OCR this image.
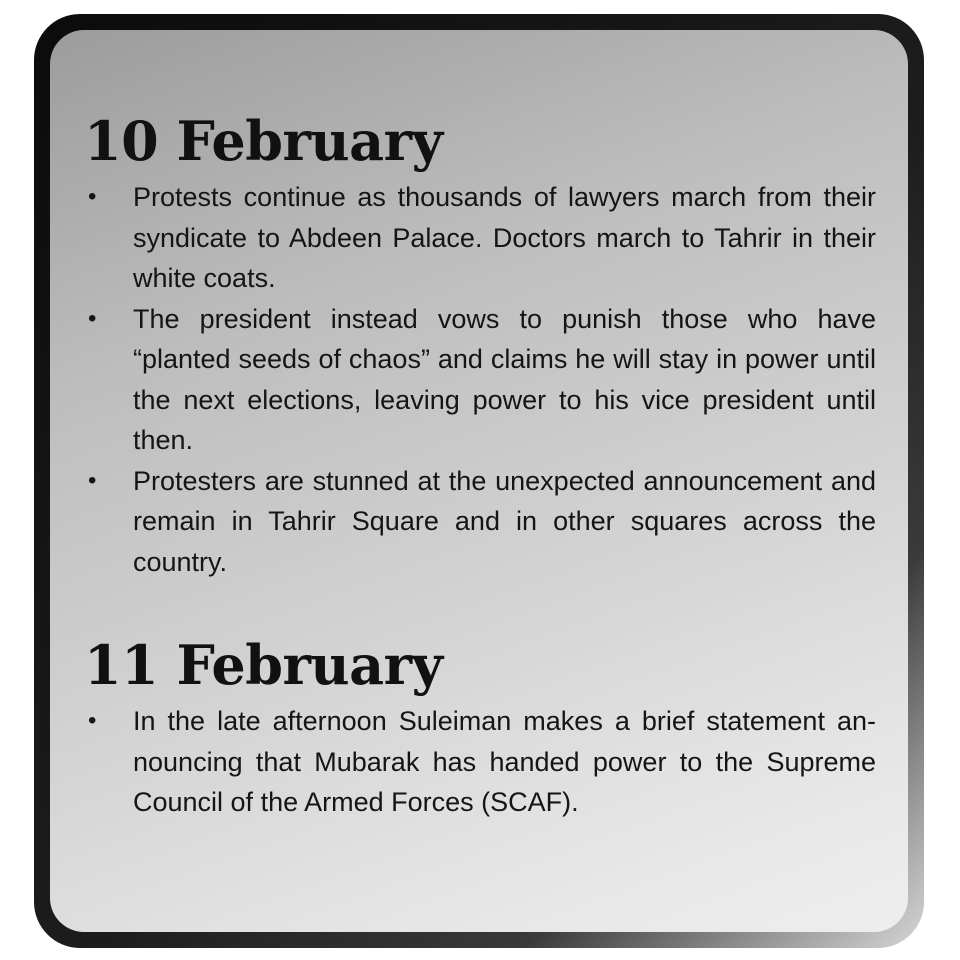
10 February
• Protests continue as thousands of lawyers march from their syndicate to Abdeen Palace. Doctors march to Tahrir in their white coats.
• The president instead vows to punish those who have “planted seeds of chaos” and claims he will stay in power until the next elections, leaving power to his vice president until then.
• Protesters are stunned at the unexpected announcement and remain in Tahrir Square and in other squares across the country.
11 February
• In the late afternoon Suleiman makes a brief statement an-nouncing that Mubarak has handed power to the Supreme Council of the Armed Forces (SCAF).
